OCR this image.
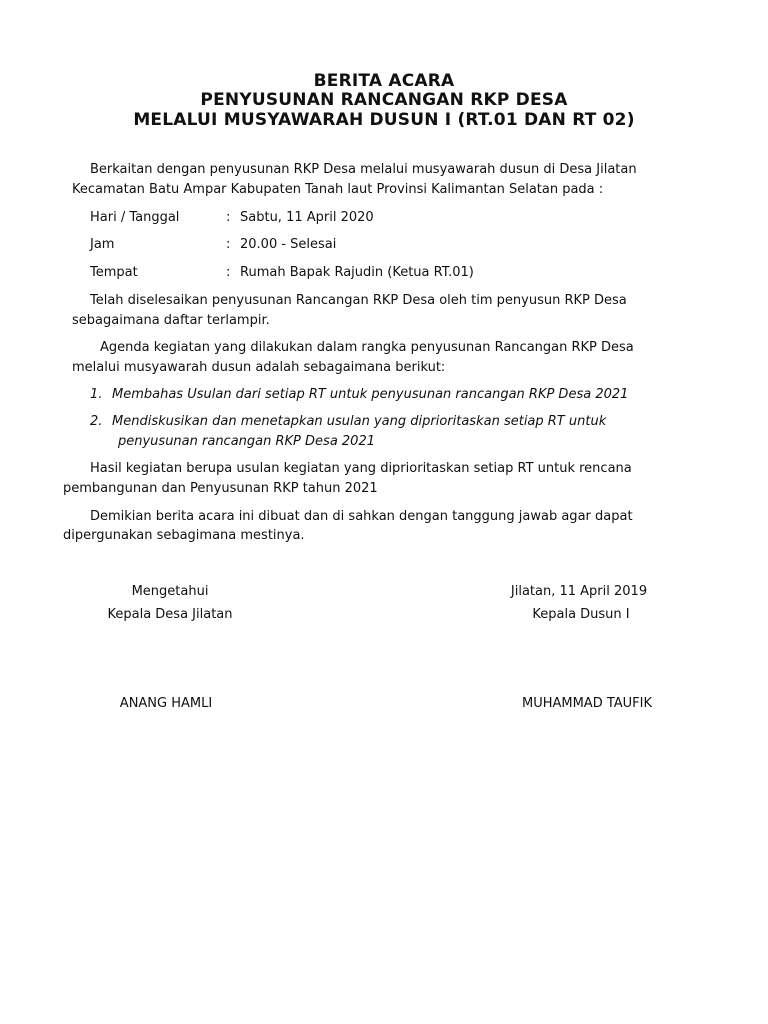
BERITA ACARA
PENYUSUNAN RANCANGAN RKP DESA
MELALUI MUSYAWARAH DUSUN I (RT.01 DAN RT 02)
Berkaitan dengan penyusunan RKP Desa melalui musyawarah dusun di Desa Jilatan
Kecamatan Batu Ampar Kabupaten Tanah laut Provinsi Kalimantan Selatan pada :
Hari / Tanggal	: Sabtu, 11 April 2020
Jam	: 20.00 - Selesai
Tempat	: Rumah Bapak Rajudin (Ketua RT.01)
Telah diselesaikan penyusunan Rancangan RKP Desa oleh tim penyusun RKP Desa
sebagaimana daftar terlampir.
Agenda kegiatan yang dilakukan dalam rangka penyusunan Rancangan RKP Desa
melalui musyawarah dusun adalah sebagaimana berikut:
1. Membahas Usulan dari setiap RT untuk penyusunan rancangan RKP Desa 2021
2. Mendiskusikan dan menetapkan usulan yang diprioritaskan setiap RT untuk
penyusunan rancangan RKP Desa 2021
Hasil kegiatan berupa usulan kegiatan yang diprioritaskan setiap RT untuk rencana
pembangunan dan Penyusunan RKP tahun 2021
Demikian berita acara ini dibuat dan di sahkan dengan tanggung jawab agar dapat
dipergunakan sebagimana mestinya.
Mengetahui
Kepala Desa Jilatan
ANANG HAMLI
Jilatan, 11 April 2019
Kepala Dusun I
MUHAMMAD TAUFIK
